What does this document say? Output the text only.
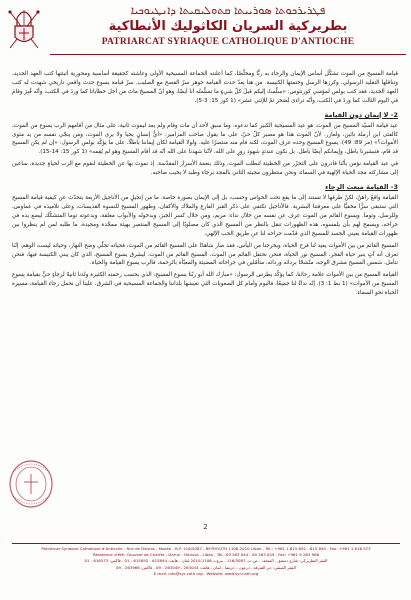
ܦܛܪܝܪܟܘܬܐ ܣܘܪܝܝܬܐ ܩܬܘܠܝܩܝܬܐ ܕܐܢܛܝܘܟܝܐ
بطريركية السريان الكاثوليك الأنطاكية
PATRIARCAT SYRIAQUE CATHOLIQUE D'ANTIOCHE

قيامة المسيح من الموت تشكّل أساس الإيمان والرجاء به ربًّا ومخلّصًا، كما أعلنته الجماعة المسيحية الأولى وعاشته كحقيقة أساسية ومحورية أثبتتها كتب العهد الجديد، وتناقلها التقليد الرسولي، وكرزها الرسل وختمتها الكنيسة. من هنا يعدّ حدث القيامة جوهر سرّ الفصح مع الصليب. سرّ قيامة يسوع حدث واقعي تاريخي شهدت له كتب العهد الجديد، فقد كتب بولس لمؤمني كورنثوس: «سلّمتُ إليكم قبلَ كلّ شيءٍ ما تسلّمتُه أنا أيضًا، وهو أنّ المسيحَ ماتَ من أجل خطايانا كما وردَ في الكتب، وأنّه قُبِرَ وقامَ في اليوم الثالث كما وردَ في الكتب، وأنّه تراءى لِصَخر ثمّ للإثني عشر» (1 كور 15: 3-5).

2- لا إيمان دون القيامة

عيد قيامة السيّد المسيح من الموت، هو عيد المسيحية الكبير كما ندعوه. وما سبق لأحد أن مات وقام ولم يعد ليموت ثانية، على مثال من أقامهم الرب يسوع من الموت، كالفتى ابن أرملة نائين، ولعازر. لأنّ الموت هذا هو مصير كلّ حيّ، على ما يقول صاحب المزامير: «أيُّ إنسانٍ يحيا ولا يرى الموت، ومن ينجّي نفسه من يد مثوى الأموات؟» (مز 89: 49). يسوع المسيح وحده عرف الموت، لكنه قام منه منتصرًا عليه. ولولا القيامة لكان إيماننا باطلًا، على ما يؤكّد بولس الرسول: «إن لم يكن المسيح قد قام، فتبشيرنا باطل، وإيمانكم أيضًا باطل. بل نكون عندئذٍ شهود زورٍ على الله، لأنّنا شهدنا على الله أنّه قد أقام المسيح وهو لم يُقِمه» (1 كور 15: 14-15).

في عيد القيامة نؤمن بأنّنا قادرون على التحرّر من الخطيئة لنطلب الموت، وذلك بنعمة الأسرار المقدّسة. إذ نموت بها عن الخطيئة لنقوم مع الرب لحياةٍ جديدة، ساعين إلى مشاركته مجد الحياة الإلهية في السماء، ونحن منتظرون مجيئه الثاني بالمجد برجاء وطيد لا يخيب صاحبه.

3- القيامة مبعث الرجاء

القيامة واقعٌ راهنٌ، لكنّ طرقها لا تستند إلى ما يقع تحت الحواس وحسب، بل إلى الإيمان بصورة خاصة. ما من إنجيلٍ من الأناجيل الأربعة يتحدّث عن كيفية قيامة المسيح التي ستبقى سرًّا مخفيًّا على معرفتنا البشرية. فالأناجيل تكتفي على ذكر القبر الفارغ والملاك والأكفان، وظهور المسيح للنسوة القديسات، وعلى تلاميذه في عماوس، وللرسل، وتوما. ويسوع القائم من الموت عرف عن نفسه من خلال نداء: مريم، ومن خلال كسر الخبز، وبدخوله والأبواب مغلقة، وبدعوته توما المتشكّك ليضع يده في جراحه، ويسمح لهم بأن يلمسوه، هذه الظهورات تنقل بالنظر من المسيح الذي كان مصلوبًا إلى المسيح المنتصر بهيئة ممجّدة ومجيدة، ما طلبه لمن لم ينظروا بين ظهورات القيامة بعيني الجسد للمسيح الذي قدّمت جراحه لنا عن طريق الحب الإلهي.

المسيح القائم من بين الأموات يعيد لنا فرح الحياة، ويخرجنا من اليأس، فقد صار شاهدًا على المسيح القائم من الموت، فحياته تجلّي وضح النهار، وحياته ليست الوهم. إنّنا نعرف أنه آتٍ ينير حياة الفجر، المسيح نور الحياة، فنحن نحتفل القائم من الموت، المسيح القائم من الموت. ليشرق يسوع المسيح، الذي كان يبني الكنيسة فيها، فنحن نتأمل، شمس المسيح مشرق الوجه، متّشحًا بردائه وردائه، متأمّلين في جراحاته المضيئة والمعبّأة بالرحمة، فالرب يسوع القيامة والحياة.

القيامة المسيح من بين الأموات علامة رجائنا، كما يؤكّد بطرس الرسول: «مبارك الله أبو ربّنا يسوع المسيح، الذي بحسب رحمته الكثيرة ولدنا ثانيةً لرجاءٍ حيٍّ بقيامة يسوع المسيح من الأموات» (1 بط 1: 3). إنّه نداءٌ لنا جميعًا، فاليوم وأمام كل الصعوبات التي تعيشها بلداننا والجماعة المسيحية في الشرق، علينا أن نحمل رجاء القيامة، مسيرة الحياة نحو السماء.

2
Patriarcat Syriaque Catholique d'Antioche - Rue de Damas - Mosée - B.P. 116/5087 - BEYROUTH 1106-2010 Liban - Tél.: +961 1 615 892 - 615 894 - Fax: +961 1 616 573
Résidence d'été: Couvent de Charfet - Darun - Harissa - Liban - Tél.: 09 263 044 - 09 263 049 - Fax: +961 9 263 966
المقر البطريركي: شارع دمشق - المتحف - ص.ب. 116/5087 - بيروت 1106-2010 لبنان - هاتف: 615894 - 615892 - 01 - فاكس: 616573 - 01
المقر الصيفي: دير الشرفة - درعون - حريصا - لبنان - هاتف: 263044 - 263049 - 09 - فاكس: 263966 - 09
E-mail: info@syr-cath.org - Website: www.syr-cath.org
